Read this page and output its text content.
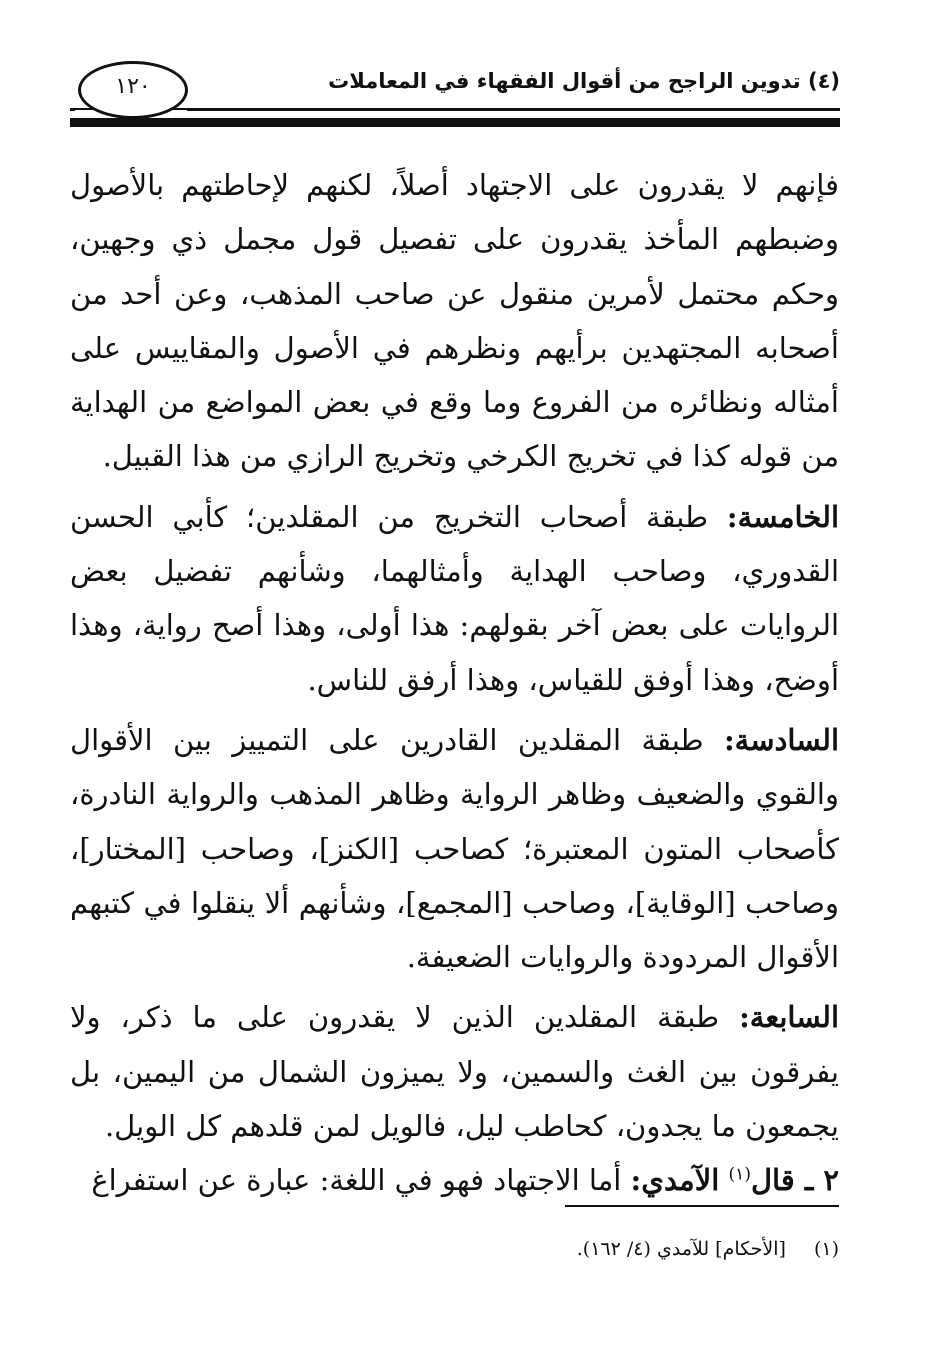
(٤) تدوين الراجح من أقوال الفقهاء في المعاملات
١٢٠

فإنهم لا يقدرون على الاجتهاد أصلاً، لكنهم لإحاطتهم بالأصول وضبطهم المأخذ يقدرون على تفصيل قول مجمل ذي وجهين، وحكم محتمل لأمرين منقول عن صاحب المذهب، وعن أحد من أصحابه المجتهدين برأيهم ونظرهم في الأصول والمقاييس على أمثاله ونظائره من الفروع وما وقع في بعض المواضع من الهداية من قوله كذا في تخريج الكرخي وتخريج الرازي من هذا القبيل.

الخامسة: طبقة أصحاب التخريج من المقلدين؛ كأبي الحسن القدوري، وصاحب الهداية وأمثالهما، وشأنهم تفضيل بعض الروايات على بعض آخر بقولهم: هذا أولى، وهذا أصح رواية، وهذا أوضح، وهذا أوفق للقياس، وهذا أرفق للناس.

السادسة: طبقة المقلدين القادرين على التمييز بين الأقوال والقوي والضعيف وظاهر الرواية وظاهر المذهب والرواية النادرة، كأصحاب المتون المعتبرة؛ كصاحب [الكنز]، وصاحب [المختار]، وصاحب [الوقاية]، وصاحب [المجمع]، وشأنهم ألا ينقلوا في كتبهم الأقوال المردودة والروايات الضعيفة.

السابعة: طبقة المقلدين الذين لا يقدرون على ما ذكر، ولا يفرقون بين الغث والسمين، ولا يميزون الشمال من اليمين، بل يجمعون ما يجدون، كحاطب ليل، فالويل لمن قلدهم كل الويل.

٢ ـ قال$^{(١)}$ الآمدي: أما الاجتهاد فهو في اللغة: عبارة عن استفراغ

(١) [الأحكام] للآمدي (٤/ ١٦٢).
